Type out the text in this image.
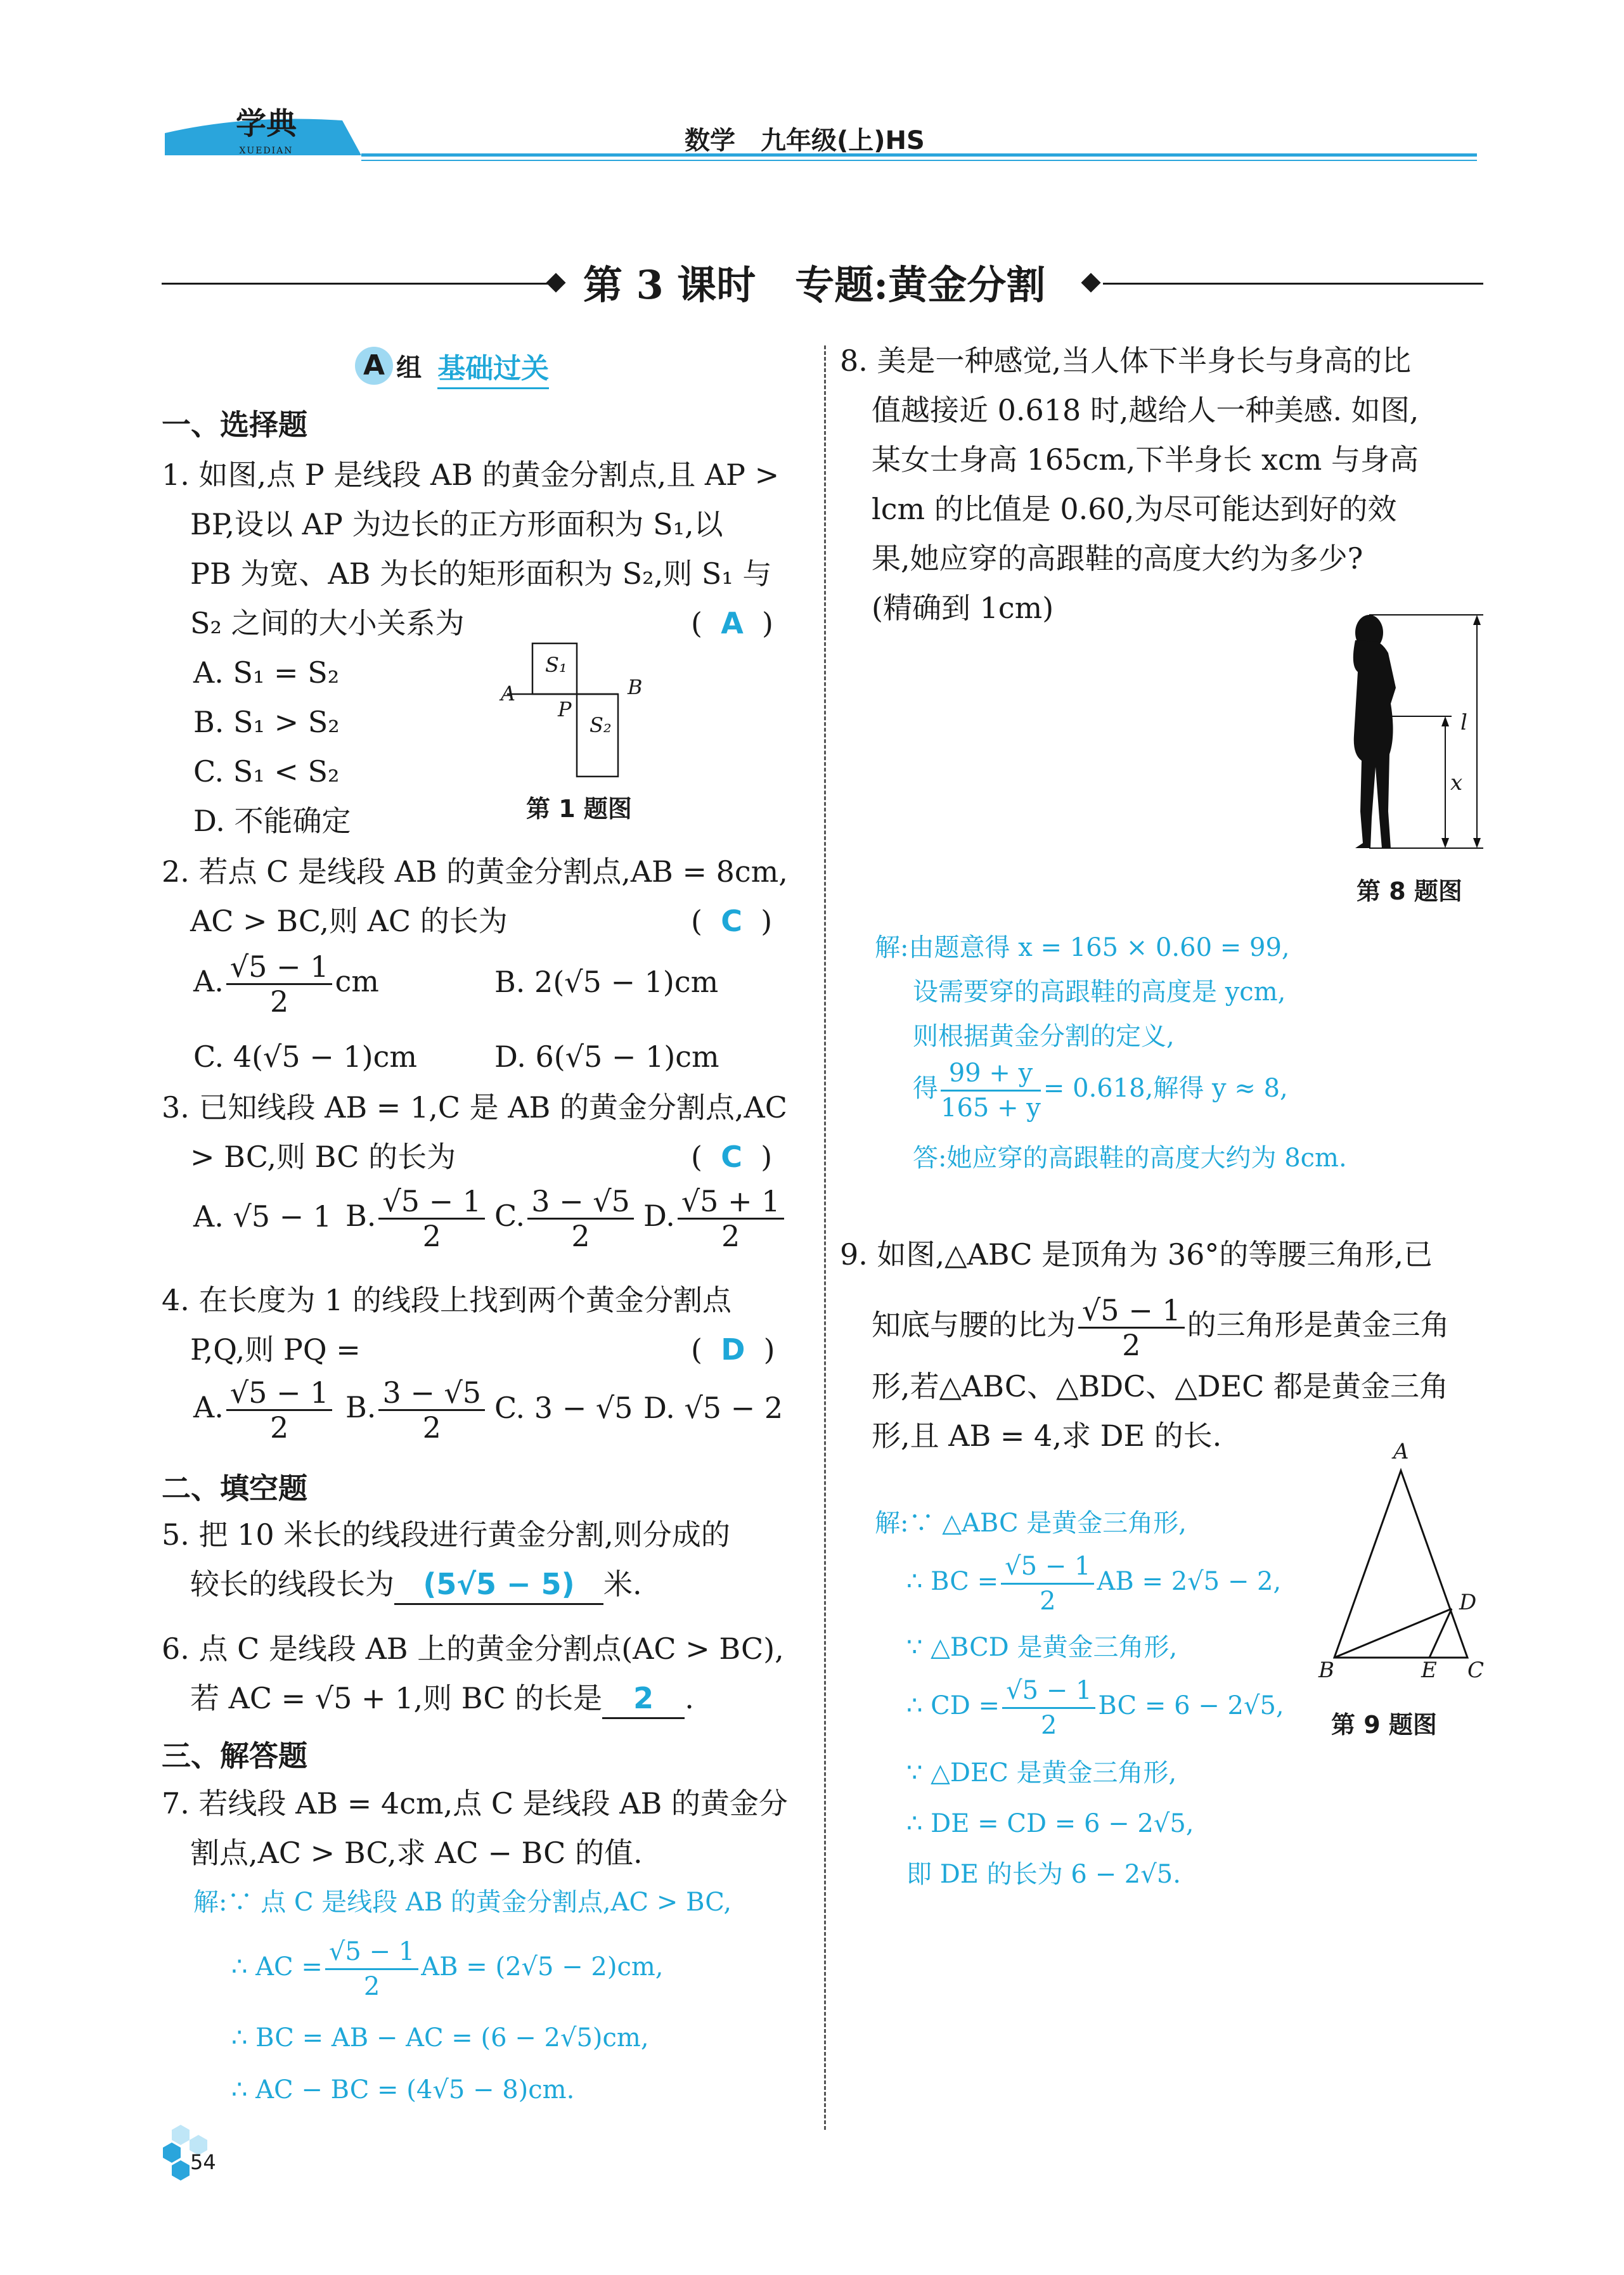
学典
XUEDIAN	数学　九年级(上)HS
第 3 课时　专题:黄金分割
A 组 基础过关
一、选择题
1. 如图,点 P 是线段 AB 的黄金分割点,且 AP >
BP,设以 AP 为边长的正方形面积为 S₁,以
PB 为宽、AB 为长的矩形面积为 S₂,则 S₁ 与
S₂ 之间的大小关系为	(  A  )
A. S₁ = S₂
B. S₁ > S₂
C. S₁ < S₂
D. 不能确定
S₁
S₂
A	B
P
第 1 题图
2. 若点 C 是线段 AB 的黄金分割点,AB = 8cm,
AC > BC,则 AC 的长为	(  C  )
A. $\frac{√5 - 1}{2}$ cm	B. 2(√5 − 1)cm
C. 4(√5 − 1)cm	D. 6(√5 − 1)cm
3. 已知线段 AB = 1,C 是 AB 的黄金分割点,AC
> BC,则 BC 的长为	(  C  )
A. √5 − 1 B. $\frac{√5 - 1}{2} C$. $\frac{3 - √5}{2} D$. $\frac{√5 + 1}{2}$
4. 在长度为 1 的线段上找到两个黄金分割点
P,Q,则 PQ =	(  D  )
A. $\frac{√5 - 1}{2} B$. $\frac{3 - √5}{2} C$. 3 − √5 D. √5 − 2
二、填空题
5. 把 10 米长的线段进行黄金分割,则分成的
较长的线段长为 (5√5 − 5) 米.
6. 点 C 是线段 AB 上的黄金分割点(AC > BC),
若 AC = √5 + 1,则 BC 的长是 2 .
三、解答题
7. 若线段 AB = 4cm,点 C 是线段 AB 的黄金分
割点,AC > BC,求 AC − BC 的值.
解:∵ 点 C 是线段 AB 的黄金分割点,AC > BC,
∴ AC = $\frac{√5 - 1}{2}$ AB = (2√5 − 2)cm,
∴ BC = AB − AC = (6 − 2√5)cm,
∴ AC − BC = (4√5 − 8)cm.
8. 美是一种感觉,当人体下半身长与身高的比
值越接近 0.618 时,越给人一种美感. 如图,
某女士身高 165cm,下半身长 xcm 与身高
lcm 的比值是 0.60,为尽可能达到好的效
果,她应穿的高跟鞋的高度大约为多少?
(精确到 1cm)
l
x
第 8 题图
解:由题意得 x = 165 × 0.60 = 99,
设需要穿的高跟鞋的高度是 ycm,
则根据黄金分割的定义,
得 $\frac{99 + y}{165 + y} = 0.618$,解得 y ≈ 8,
答:她应穿的高跟鞋的高度大约为 8cm.
9. 如图,△ABC 是顶角为 36°的等腰三角形,已
知底与腰的比为 $\frac{√5 - 1}{2}$ 的三角形是黄金三角
形,若△ABC、△BDC、△DEC 都是黄金三角
形,且 AB = 4,求 DE 的长.	A
B	C
D
E
第 9 题图
解:∵ △ABC 是黄金三角形,
∴ BC = $\frac{√5 - 1}{2}$ AB = 2√5 − 2,
∵ △BCD 是黄金三角形,
∴ CD = $\frac{√5 - 1}{2}$ BC = 6 − 2√5,
∵ △DEC 是黄金三角形,
∴ DE = CD = 6 − 2√5,
即 DE 的长为 6 − 2√5.
54
